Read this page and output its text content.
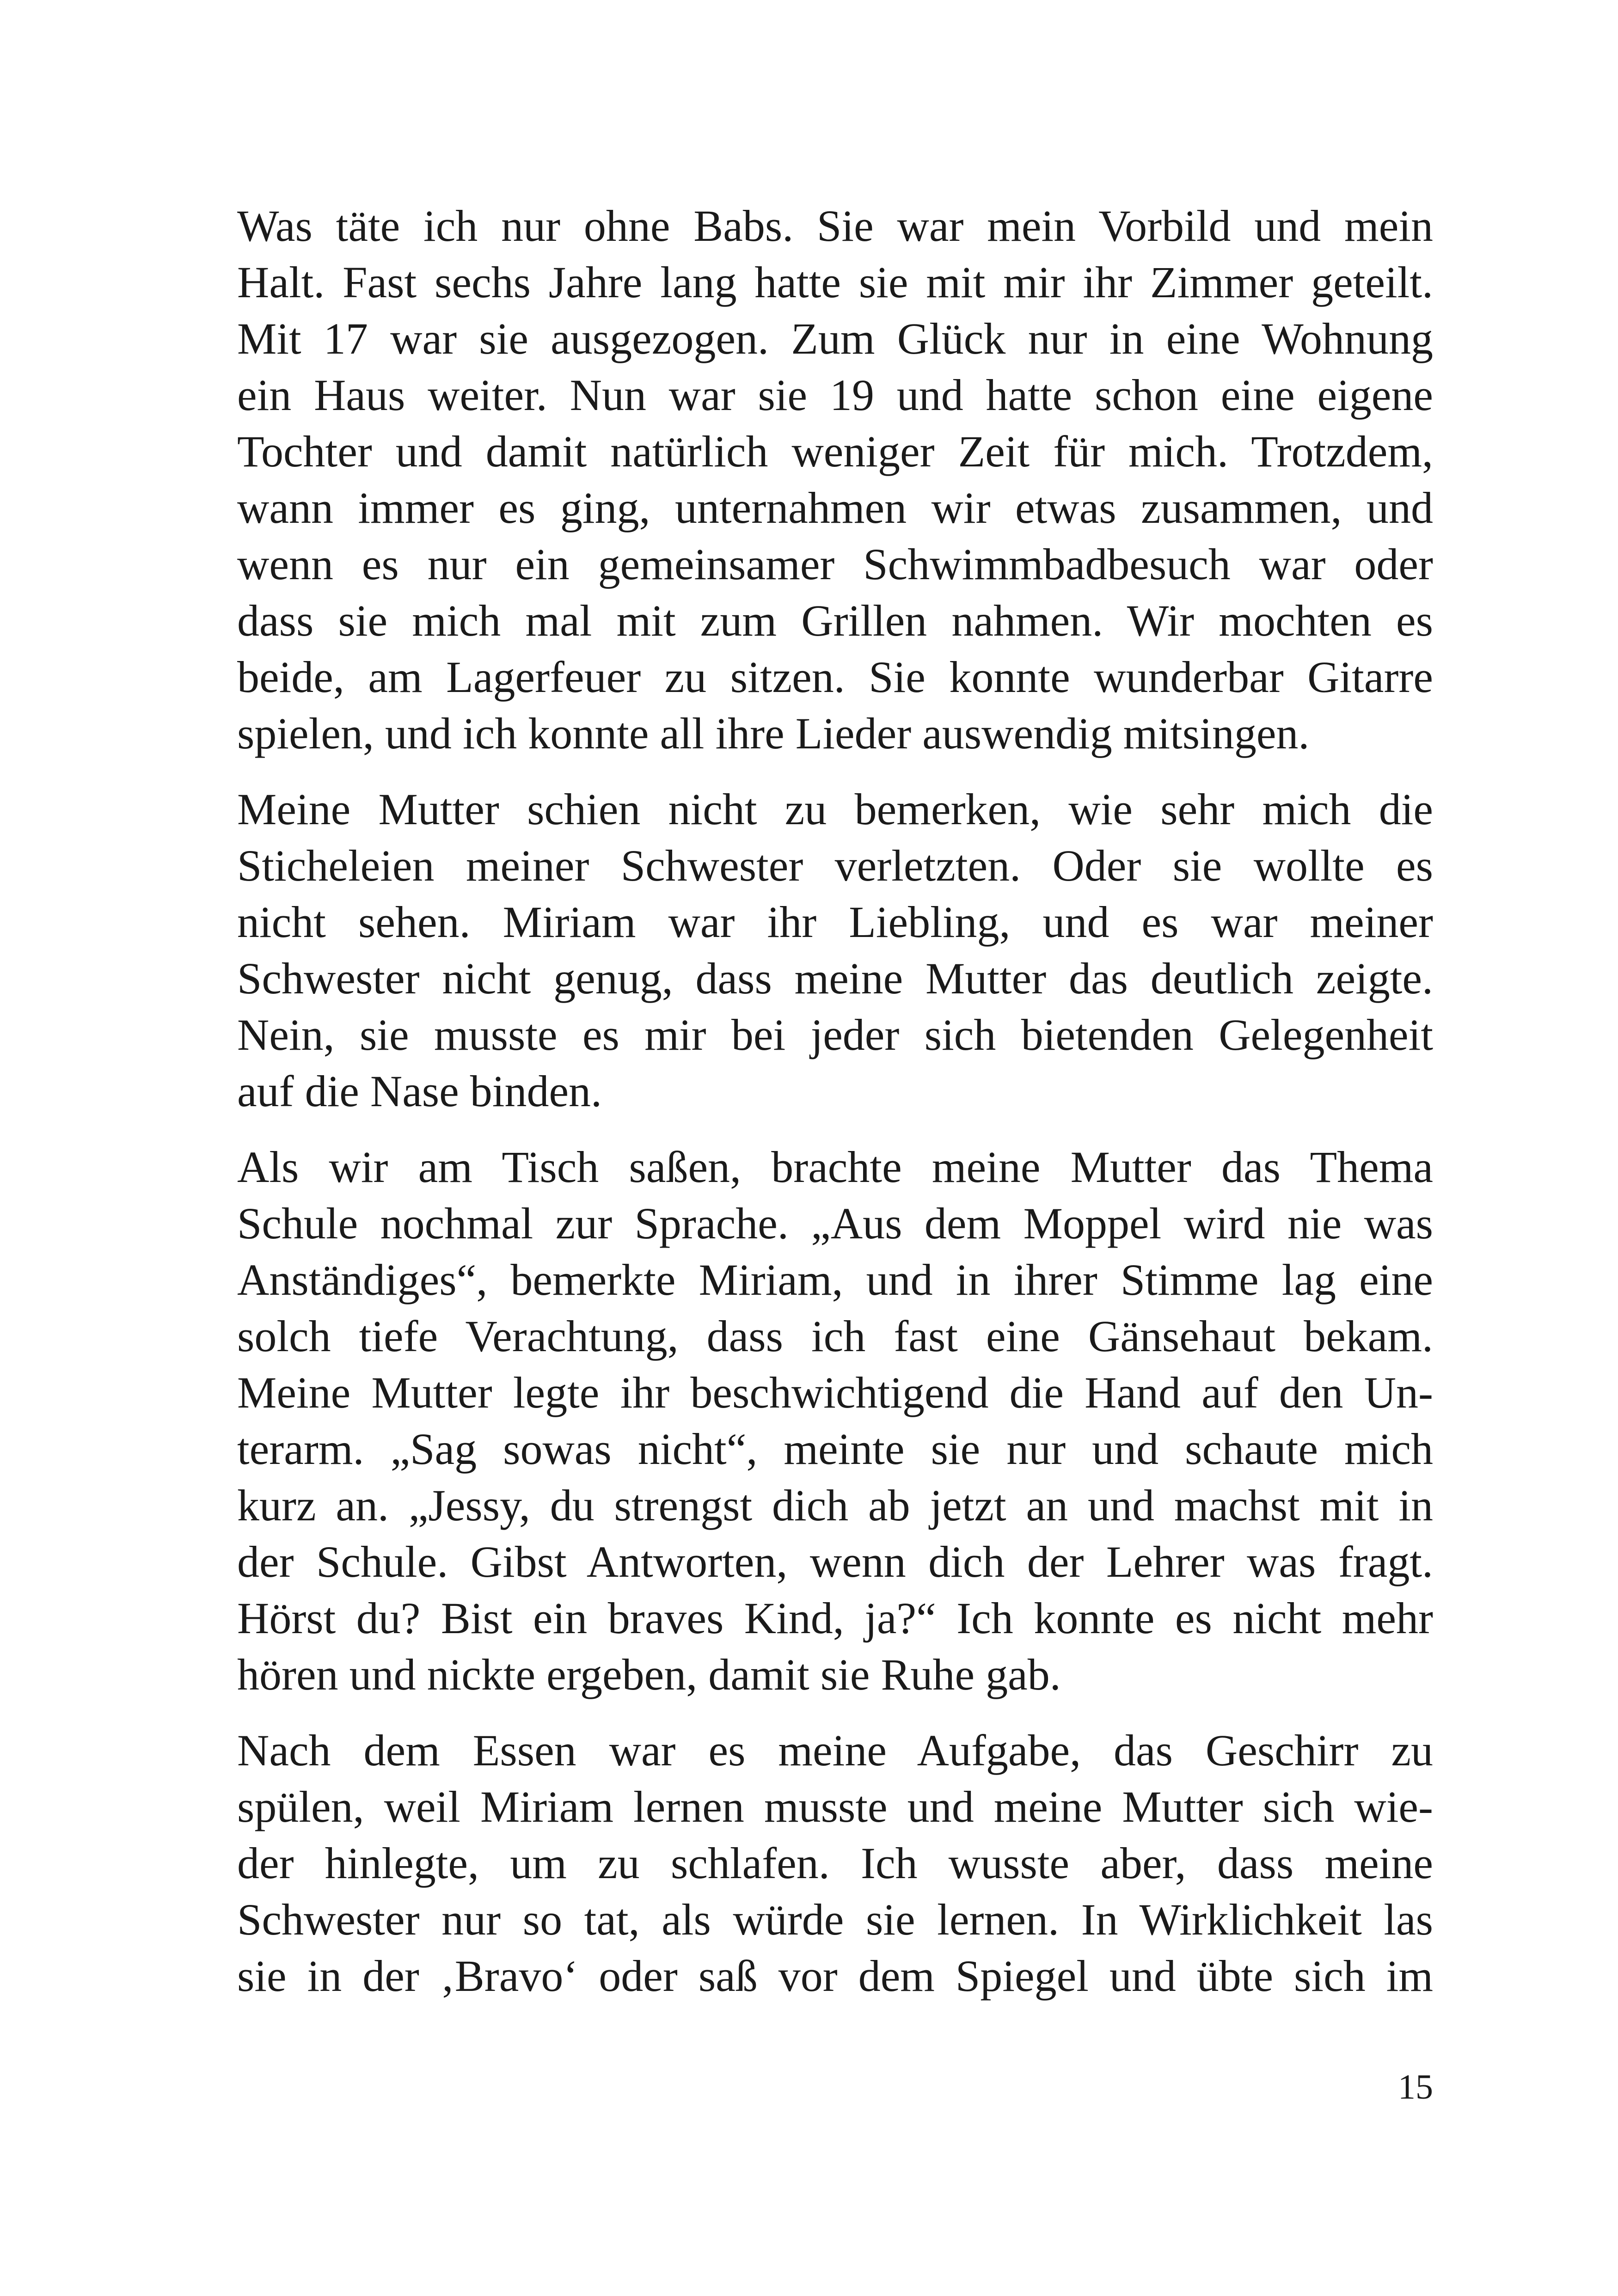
Was täte ich nur ohne Babs. Sie war mein Vorbild und mein
Halt. Fast sechs Jahre lang hatte sie mit mir ihr Zimmer geteilt.
Mit 17 war sie ausgezogen. Zum Glück nur in eine Wohnung
ein Haus weiter. Nun war sie 19 und hatte schon eine eigene
Tochter und damit natürlich weniger Zeit für mich. Trotzdem,
wann immer es ging, unternahmen wir etwas zusammen, und
wenn es nur ein gemeinsamer Schwimmbadbesuch war oder
dass sie mich mal mit zum Grillen nahmen. Wir mochten es
beide, am Lagerfeuer zu sitzen. Sie konnte wunderbar Gitarre
spielen, und ich konnte all ihre Lieder auswendig mitsingen.

Meine Mutter schien nicht zu bemerken, wie sehr mich die
Sticheleien meiner Schwester verletzten. Oder sie wollte es
nicht sehen. Miriam war ihr Liebling, und es war meiner
Schwester nicht genug, dass meine Mutter das deutlich zeigte.
Nein, sie musste es mir bei jeder sich bietenden Gelegenheit
auf die Nase binden.

Als wir am Tisch saßen, brachte meine Mutter das Thema
Schule nochmal zur Sprache. „Aus dem Moppel wird nie was
Anständiges“, bemerkte Miriam, und in ihrer Stimme lag eine
solch tiefe Verachtung, dass ich fast eine Gänsehaut bekam.
Meine Mutter legte ihr beschwichtigend die Hand auf den Un-
terarm. „Sag sowas nicht“, meinte sie nur und schaute mich
kurz an. „Jessy, du strengst dich ab jetzt an und machst mit in
der Schule. Gibst Antworten, wenn dich der Lehrer was fragt.
Hörst du? Bist ein braves Kind, ja?“ Ich konnte es nicht mehr
hören und nickte ergeben, damit sie Ruhe gab.

Nach dem Essen war es meine Aufgabe, das Geschirr zu
spülen, weil Miriam lernen musste und meine Mutter sich wie-
der hinlegte, um zu schlafen. Ich wusste aber, dass meine
Schwester nur so tat, als würde sie lernen. In Wirklichkeit las
sie in der ‚Bravo‘ oder saß vor dem Spiegel und übte sich im

15
